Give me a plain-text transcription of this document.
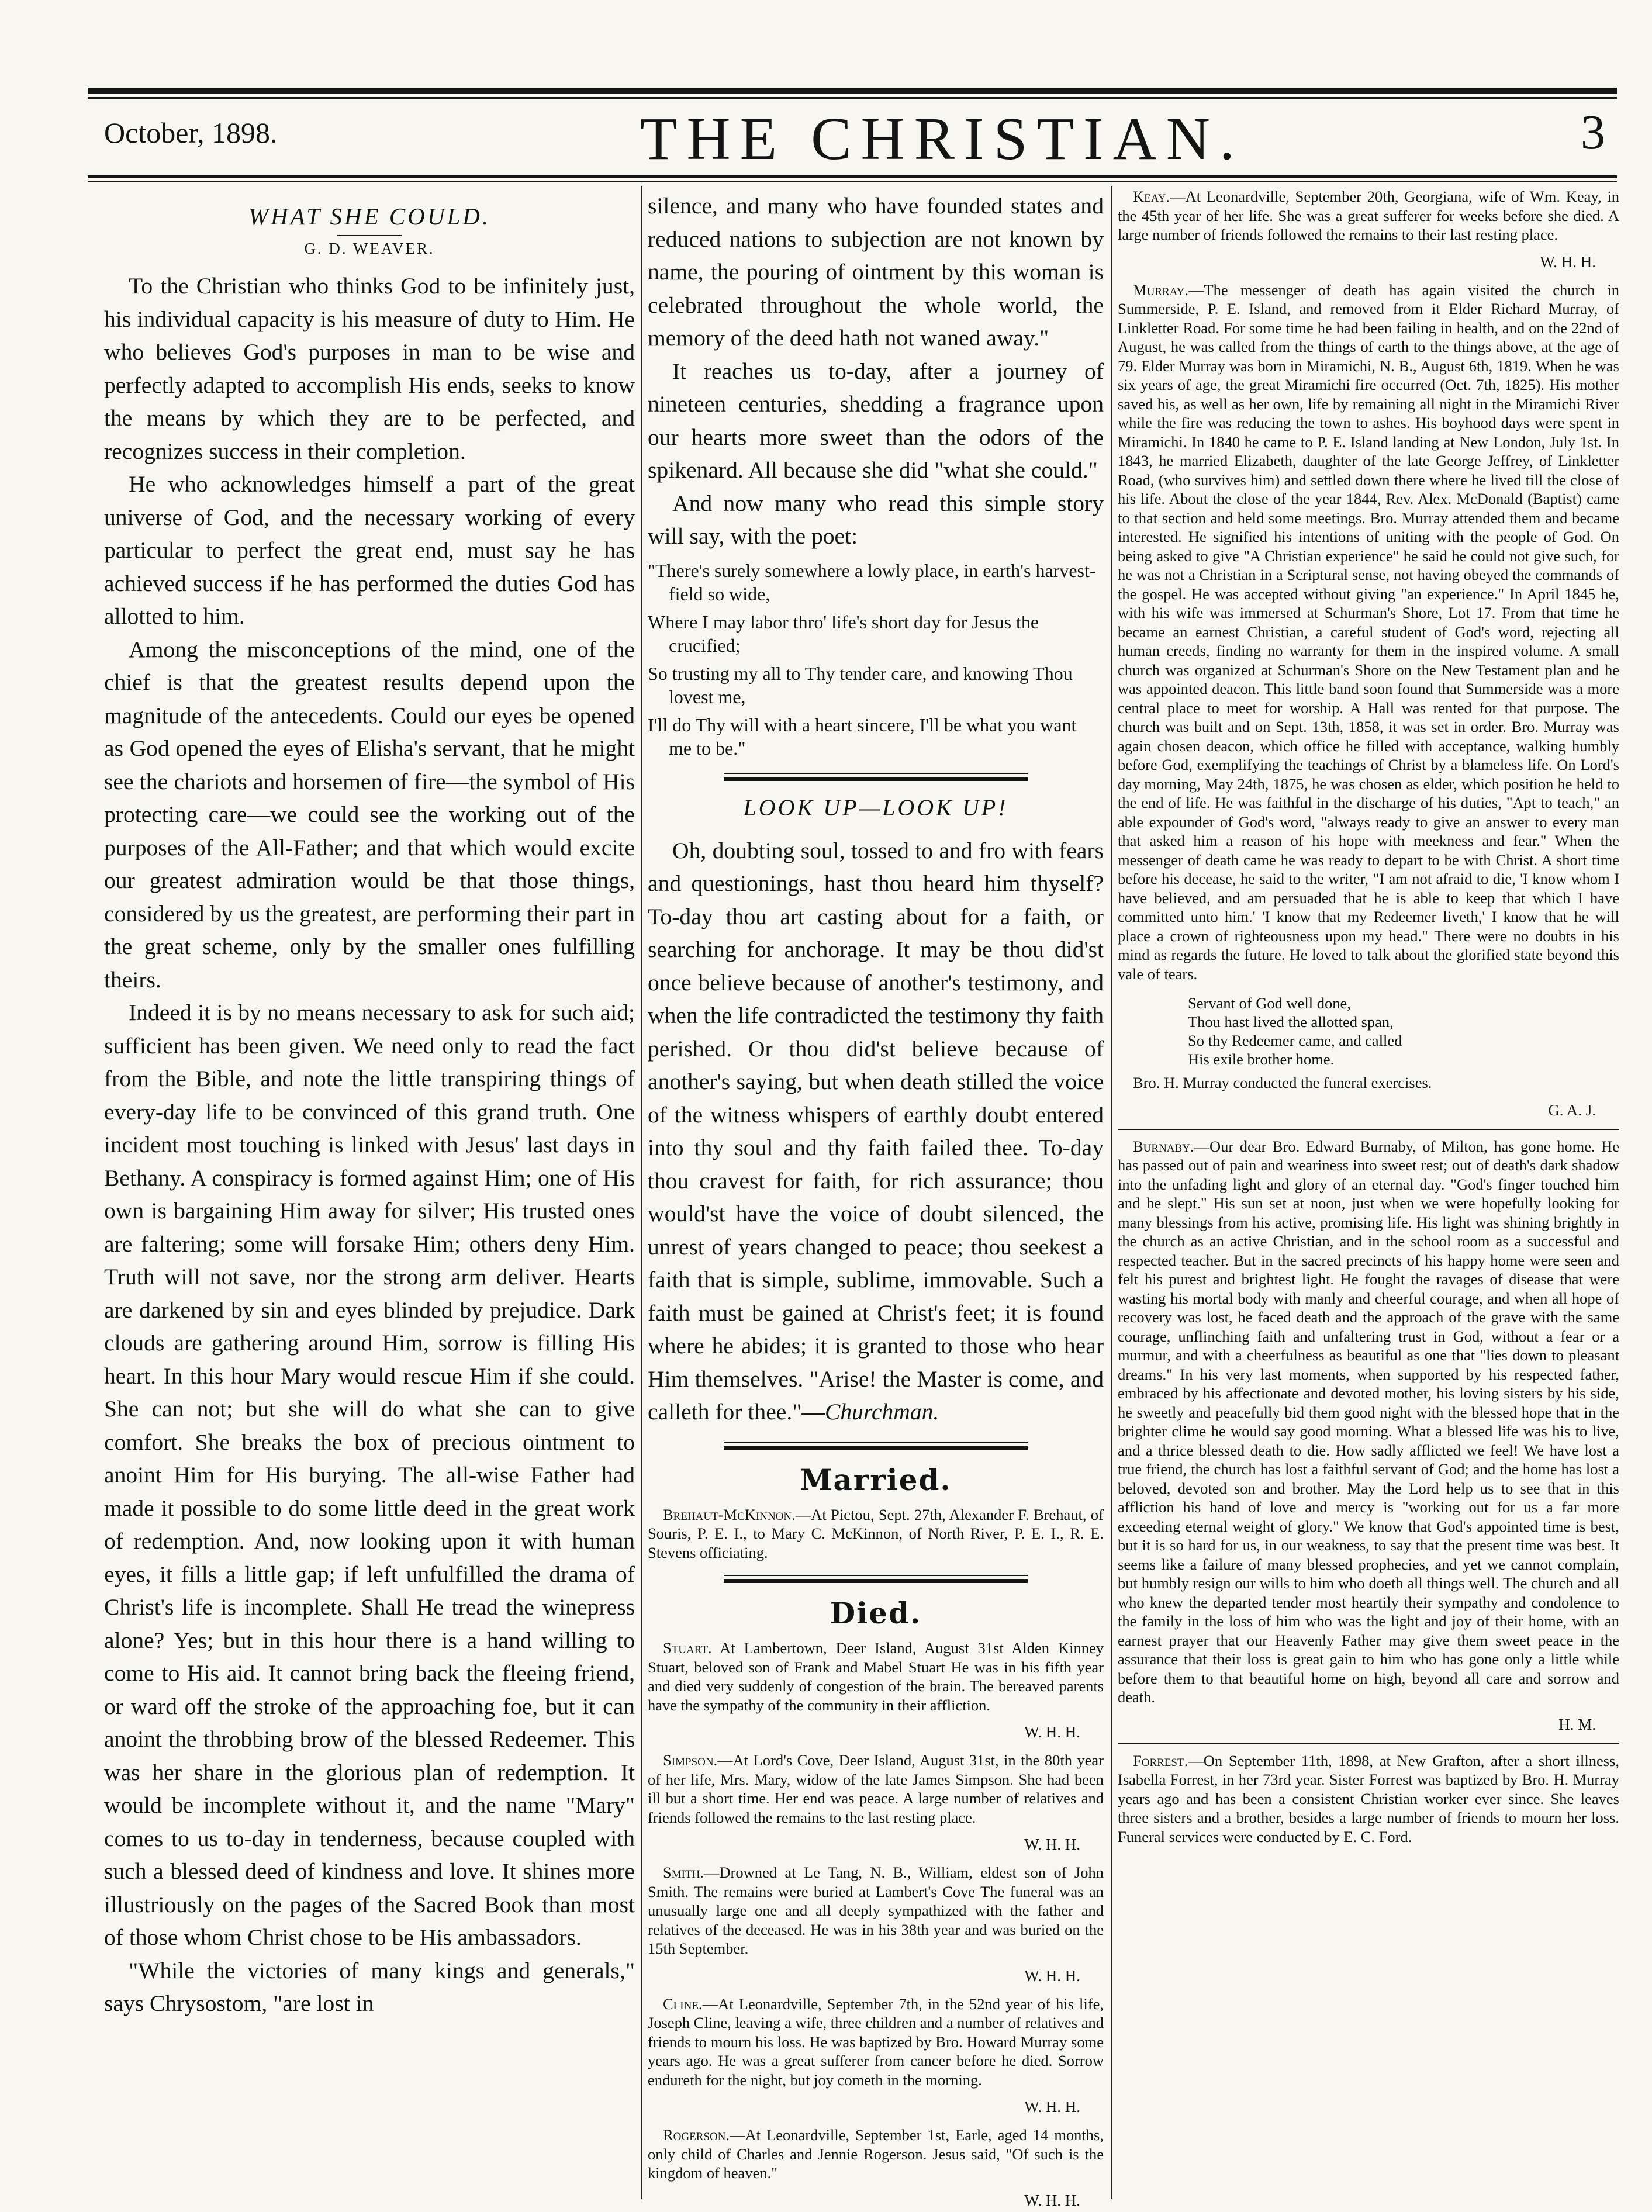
October, 1898.	THE CHRISTIAN.	3
WHAT SHE COULD.
G. D. WEAVER.

To the Christian who thinks God to be infinitely just, his individual capacity is his measure of duty to Him. He who believes God's purposes in man to be wise and perfectly adapted to accomplish His ends, seeks to know the means by which they are to be perfected, and recognizes success in their completion.

He who acknowledges himself a part of the great universe of God, and the necessary working of every particular to perfect the great end, must say he has achieved success if he has performed the duties God has allotted to him.

Among the misconceptions of the mind, one of the chief is that the greatest results depend upon the magnitude of the antecedents. Could our eyes be opened as God opened the eyes of Elisha's servant, that he might see the chariots and horsemen of fire—the symbol of His protecting care—we could see the working out of the purposes of the All-Father; and that which would excite our greatest admiration would be that those things, considered by us the greatest, are performing their part in the great scheme, only by the smaller ones fulfilling theirs.

Indeed it is by no means necessary to ask for such aid; sufficient has been given. We need only to read the fact from the Bible, and note the little transpiring things of every-day life to be convinced of this grand truth. One incident most touching is linked with Jesus' last days in Bethany. A conspiracy is formed against Him; one of His own is bargaining Him away for silver; His trusted ones are faltering; some will forsake Him; others deny Him. Truth will not save, nor the strong arm deliver. Hearts are darkened by sin and eyes blinded by prejudice. Dark clouds are gathering around Him, sorrow is filling His heart. In this hour Mary would rescue Him if she could. She can not; but she will do what she can to give comfort. She breaks the box of precious ointment to anoint Him for His burying. The all-wise Father had made it possible to do some little deed in the great work of redemption. And, now looking upon it with human eyes, it fills a little gap; if left unfulfilled the drama of Christ's life is incomplete. Shall He tread the winepress alone? Yes; but in this hour there is a hand willing to come to His aid. It cannot bring back the fleeing friend, or ward off the stroke of the approaching foe, but it can anoint the throbbing brow of the blessed Redeemer. This was her share in the glorious plan of redemption. It would be incomplete without it, and the name "Mary" comes to us to-day in tenderness, because coupled with such a blessed deed of kindness and love. It shines more illustriously on the pages of the Sacred Book than most of those whom Christ chose to be His ambassadors.

"While the victories of many kings and generals," says Chrysostom, "are lost in

silence, and many who have founded states and reduced nations to subjection are not known by name, the pouring of ointment by this woman is celebrated throughout the whole world, the memory of the deed hath not waned away."

It reaches us to-day, after a journey of nineteen centuries, shedding a fragrance upon our hearts more sweet than the odors of the spikenard. All because she did "what she could."

And now many who read this simple story will say, with the poet:

"There's surely somewhere a lowly place, in earth's harvest-field so wide,
Where I may labor thro' life's short day for Jesus the crucified;
So trusting my all to Thy tender care, and knowing Thou lovest me,
I'll do Thy will with a heart sincere, I'll be what you want me to be."
LOOK UP—LOOK UP!

Oh, doubting soul, tossed to and fro with fears and questionings, hast thou heard him thyself? To-day thou art casting about for a faith, or searching for anchorage. It may be thou did'st once believe because of another's testimony, and when the life contradicted the testimony thy faith perished. Or thou did'st believe because of another's saying, but when death stilled the voice of the witness whispers of earthly doubt entered into thy soul and thy faith failed thee. To-day thou cravest for faith, for rich assurance; thou would'st have the voice of doubt silenced, the unrest of years changed to peace; thou seekest a faith that is simple, sublime, immovable. Such a faith must be gained at Christ's feet; it is found where he abides; it is granted to those who hear Him themselves. "Arise! the Master is come, and calleth for thee."—Churchman.

Married.
Brehaut-McKinnon.—At Pictou, Sept. 27th, Alexander F. Brehaut, of Souris, P. E. I., to Mary C. McKinnon, of North River, P. E. I., R. E. Stevens officiating.
Died.
Stuart. At Lambertown, Deer Island, August 31st Alden Kinney Stuart, beloved son of Frank and Mabel Stuart He was in his fifth year and died very suddenly of congestion of the brain. The bereaved parents have the sympathy of the community in their affliction.
W. H. H.
Simpson.—At Lord's Cove, Deer Island, August 31st, in the 80th year of her life, Mrs. Mary, widow of the late James Simpson. She had been ill but a short time. Her end was peace. A large number of relatives and friends followed the remains to the last resting place.
W. H. H.
Smith.—Drowned at Le Tang, N. B., William, eldest son of John Smith. The remains were buried at Lambert's Cove The funeral was an unusually large one and all deeply sympathized with the father and relatives of the deceased. He was in his 38th year and was buried on the 15th September.
W. H. H.
Cline.—At Leonardville, September 7th, in the 52nd year of his life, Joseph Cline, leaving a wife, three children and a number of relatives and friends to mourn his loss. He was baptized by Bro. Howard Murray some years ago. He was a great sufferer from cancer before he died. Sorrow endureth for the night, but joy cometh in the morning.
W. H. H.
Rogerson.—At Leonardville, September 1st, Earle, aged 14 months, only child of Charles and Jennie Rogerson. Jesus said, "Of such is the kingdom of heaven."
W. H. H.
Keay.—At Leonardville, September 20th, Georgiana, wife of Wm. Keay, in the 45th year of her life. She was a great sufferer for weeks before she died. A large number of friends followed the remains to their last resting place.
W. H. H.
Murray.—The messenger of death has again visited the church in Summerside, P. E. Island, and removed from it Elder Richard Murray, of Linkletter Road. For some time he had been failing in health, and on the 22nd of August, he was called from the things of earth to the things above, at the age of 79. Elder Murray was born in Miramichi, N. B., August 6th, 1819. When he was six years of age, the great Miramichi fire occurred (Oct. 7th, 1825). His mother saved his, as well as her own, life by remaining all night in the Miramichi River while the fire was reducing the town to ashes. His boyhood days were spent in Miramichi. In 1840 he came to P. E. Island landing at New London, July 1st. In 1843, he married Elizabeth, daughter of the late George Jeffrey, of Linkletter Road, (who survives him) and settled down there where he lived till the close of his life. About the close of the year 1844, Rev. Alex. McDonald (Baptist) came to that section and held some meetings. Bro. Murray attended them and became interested. He signified his intentions of uniting with the people of God. On being asked to give "A Christian experience" he said he could not give such, for he was not a Christian in a Scriptural sense, not having obeyed the commands of the gospel. He was accepted without giving "an experience." In April 1845 he, with his wife was immersed at Schurman's Shore, Lot 17. From that time he became an earnest Christian, a careful student of God's word, rejecting all human creeds, finding no warranty for them in the inspired volume. A small church was organized at Schurman's Shore on the New Testament plan and he was appointed deacon. This little band soon found that Summerside was a more central place to meet for worship. A Hall was rented for that purpose. The church was built and on Sept. 13th, 1858, it was set in order. Bro. Murray was again chosen deacon, which office he filled with acceptance, walking humbly before God, exemplifying the teachings of Christ by a blameless life. On Lord's day morning, May 24th, 1875, he was chosen as elder, which position he held to the end of life. He was faithful in the discharge of his duties, "Apt to teach," an able expounder of God's word, "always ready to give an answer to every man that asked him a reason of his hope with meekness and fear." When the messenger of death came he was ready to depart to be with Christ. A short time before his decease, he said to the writer, "I am not afraid to die, 'I know whom I have believed, and am persuaded that he is able to keep that which I have committed unto him.' 'I know that my Redeemer liveth,' I know that he will place a crown of righteousness upon my head." There were no doubts in his mind as regards the future. He loved to talk about the glorified state beyond this vale of tears.
Servant of God well done,
Thou hast lived the allotted span,
So thy Redeemer came, and called
His exile brother home.
Bro. H. Murray conducted the funeral exercises.
G. A. J.
Burnaby.—Our dear Bro. Edward Burnaby, of Milton, has gone home. He has passed out of pain and weariness into sweet rest; out of death's dark shadow into the unfading light and glory of an eternal day. "God's finger touched him and he slept." His sun set at noon, just when we were hopefully looking for many blessings from his active, promising life. His light was shining brightly in the church as an active Christian, and in the school room as a successful and respected teacher. But in the sacred precincts of his happy home were seen and felt his purest and brightest light. He fought the ravages of disease that were wasting his mortal body with manly and cheerful courage, and when all hope of recovery was lost, he faced death and the approach of the grave with the same courage, unflinching faith and unfaltering trust in God, without a fear or a murmur, and with a cheerfulness as beautiful as one that "lies down to pleasant dreams." In his very last moments, when supported by his respected father, embraced by his affectionate and devoted mother, his loving sisters by his side, he sweetly and peacefully bid them good night with the blessed hope that in the brighter clime he would say good morning. What a blessed life was his to live, and a thrice blessed death to die. How sadly afflicted we feel! We have lost a true friend, the church has lost a faithful servant of God; and the home has lost a beloved, devoted son and brother. May the Lord help us to see that in this affliction his hand of love and mercy is "working out for us a far more exceeding eternal weight of glory." We know that God's appointed time is best, but it is so hard for us, in our weakness, to say that the present time was best. It seems like a failure of many blessed prophecies, and yet we cannot complain, but humbly resign our wills to him who doeth all things well. The church and all who knew the departed tender most heartily their sympathy and condolence to the family in the loss of him who was the light and joy of their home, with an earnest prayer that our Heavenly Father may give them sweet peace in the assurance that their loss is great gain to him who has gone only a little while before them to that beautiful home on high, beyond all care and sorrow and death.
H. M.
Forrest.—On September 11th, 1898, at New Grafton, after a short illness, Isabella Forrest, in her 73rd year. Sister Forrest was baptized by Bro. H. Murray years ago and has been a consistent Christian worker ever since. She leaves three sisters and a brother, besides a large number of friends to mourn her loss. Funeral services were conducted by E. C. Ford.
